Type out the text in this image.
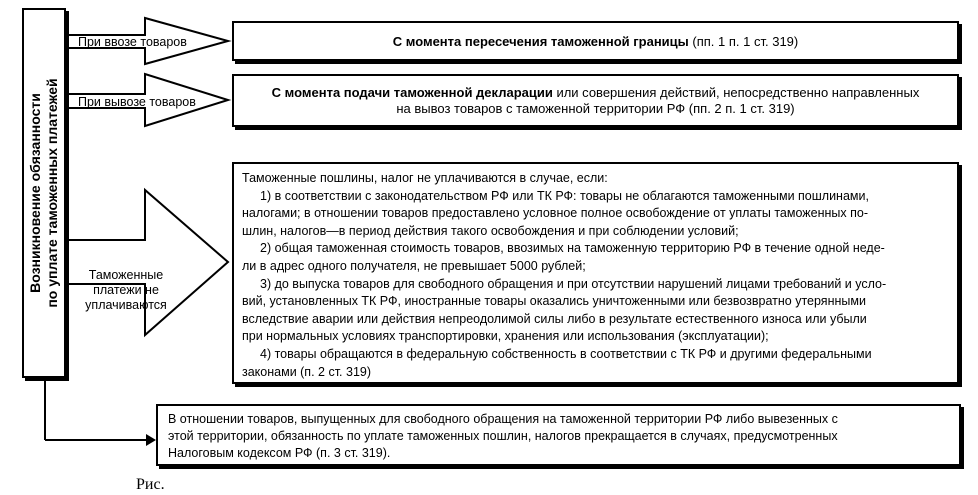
Возникновение обязанности по уплате таможенных платежей
При ввозе товаров
При вывозе товаров
Таможенные
платежи не
уплачиваются
С момента пересечения таможенной границы (пп. 1 п. 1 ст. 319)
С момента подачи таможенной декларации или совершения действий, непосредственно направленных
на вывоз товаров с таможенной территории РФ (пп. 2 п. 1 ст. 319)

Таможенные пошлины, налог не уплачиваются в случае, если:

1) в соответствии с законодательством РФ или ТК РФ: товары не облагаются таможенными пошлинами,

налогами; в отношении товаров предоставлено условное полное освобождение от уплаты таможенных по-

шлин, налогов—в период действия такого освобождения и при соблюдении условий;

2) общая таможенная стоимость товаров, ввозимых на таможенную территорию РФ в течение одной неде-

ли в адрес одного получателя, не превышает 5000 рублей;

3) до выпуска товаров для свободного обращения и при отсутствии нарушений лицами требований и усло-

вий, установленных ТК РФ, иностранные товары оказались уничтоженными или безвозвратно утерянными

вследствие аварии или действия непреодолимой силы либо в результате естественного износа или убыли

при нормальных условиях транспортировки, хранения или использования (эксплуатации);

4) товары обращаются в федеральную собственность в соответствии с ТК РФ и другими федеральными

законами (п. 2 ст. 319)

В отношении товаров, выпущенных для свободного обращения на таможенной территории РФ либо вывезенных с
этой территории, обязанность по уплате таможенных пошлин, налогов прекращается в случаях, предусмотренных
Налоговым кодексом РФ (п. 3 ст. 319).
Рис.
